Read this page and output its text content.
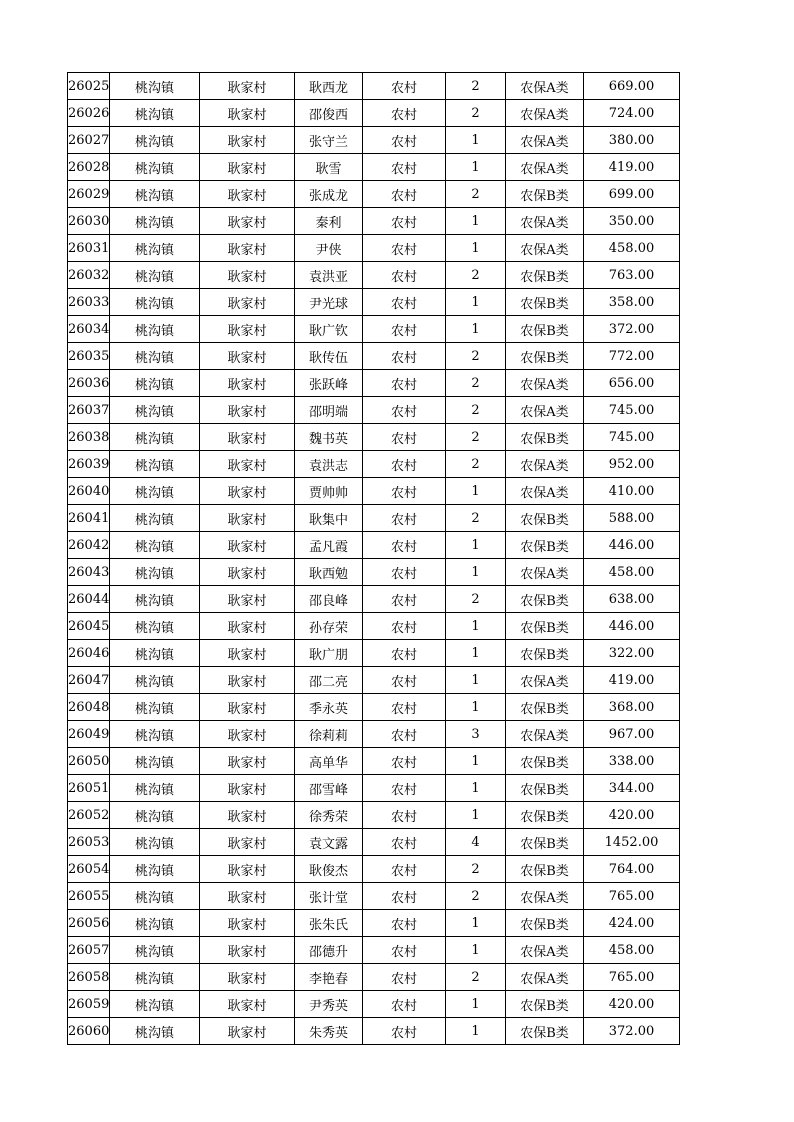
26025	桃沟镇	耿家村	耿西龙	农村	2	农保A类	669.00
26026	桃沟镇	耿家村	邵俊西	农村	2	农保A类	724.00
26027	桃沟镇	耿家村	张守兰	农村	1	农保A类	380.00
26028	桃沟镇	耿家村	耿雪	农村	1	农保A类	419.00
26029	桃沟镇	耿家村	张成龙	农村	2	农保B类	699.00
26030	桃沟镇	耿家村	秦利	农村	1	农保A类	350.00
26031	桃沟镇	耿家村	尹侠	农村	1	农保A类	458.00
26032	桃沟镇	耿家村	袁洪亚	农村	2	农保B类	763.00
26033	桃沟镇	耿家村	尹光球	农村	1	农保B类	358.00
26034	桃沟镇	耿家村	耿广钦	农村	1	农保B类	372.00
26035	桃沟镇	耿家村	耿传伍	农村	2	农保B类	772.00
26036	桃沟镇	耿家村	张跃峰	农村	2	农保A类	656.00
26037	桃沟镇	耿家村	邵明端	农村	2	农保A类	745.00
26038	桃沟镇	耿家村	魏书英	农村	2	农保B类	745.00
26039	桃沟镇	耿家村	袁洪志	农村	2	农保A类	952.00
26040	桃沟镇	耿家村	贾帅帅	农村	1	农保A类	410.00
26041	桃沟镇	耿家村	耿集中	农村	2	农保B类	588.00
26042	桃沟镇	耿家村	孟凡霞	农村	1	农保B类	446.00
26043	桃沟镇	耿家村	耿西勉	农村	1	农保A类	458.00
26044	桃沟镇	耿家村	邵良峰	农村	2	农保B类	638.00
26045	桃沟镇	耿家村	孙存荣	农村	1	农保B类	446.00
26046	桃沟镇	耿家村	耿广朋	农村	1	农保B类	322.00
26047	桃沟镇	耿家村	邵二亮	农村	1	农保A类	419.00
26048	桃沟镇	耿家村	季永英	农村	1	农保B类	368.00
26049	桃沟镇	耿家村	徐莉莉	农村	3	农保A类	967.00
26050	桃沟镇	耿家村	高单华	农村	1	农保B类	338.00
26051	桃沟镇	耿家村	邵雪峰	农村	1	农保B类	344.00
26052	桃沟镇	耿家村	徐秀荣	农村	1	农保B类	420.00
26053	桃沟镇	耿家村	袁文露	农村	4	农保B类	1452.00
26054	桃沟镇	耿家村	耿俊杰	农村	2	农保B类	764.00
26055	桃沟镇	耿家村	张计堂	农村	2	农保A类	765.00
26056	桃沟镇	耿家村	张朱氏	农村	1	农保B类	424.00
26057	桃沟镇	耿家村	邵德升	农村	1	农保A类	458.00
26058	桃沟镇	耿家村	李艳春	农村	2	农保A类	765.00
26059	桃沟镇	耿家村	尹秀英	农村	1	农保B类	420.00
26060	桃沟镇	耿家村	朱秀英	农村	1	农保B类	372.00
